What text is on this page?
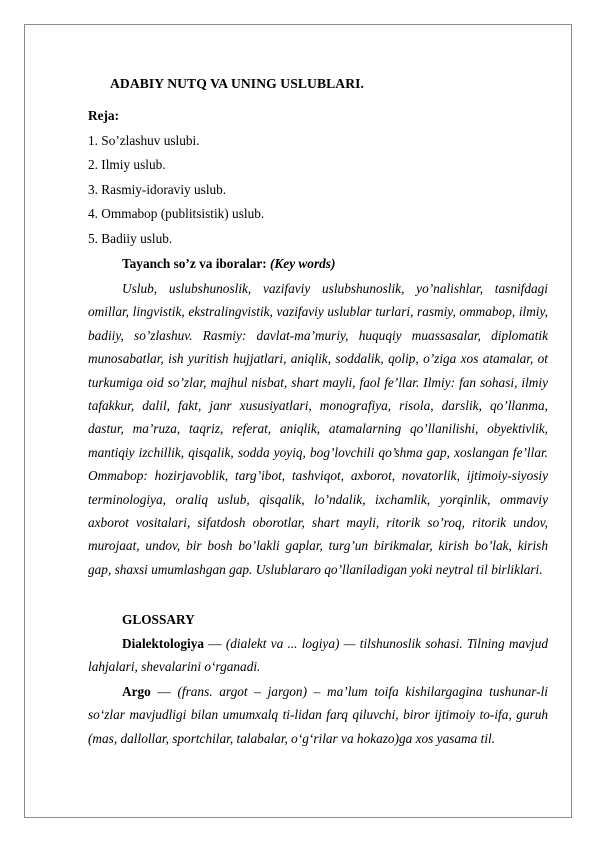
ADABIY NUTQ VA UNING USLUBLARI.
Reja:
1. So’zlashuv uslubi.
2. Ilmiy uslub.
3. Rasmiy-idoraviy uslub.
4. Ommabop (publitsistik) uslub.
5. Badiiy uslub.
Tayanch so’z va iboralar: (Key words)
Uslub, uslubshunoslik, vazifaviy uslubshunoslik, yo’nalishlar, tasnifdagi omillar, lingvistik, ekstralingvistik, vazifaviy uslublar turlari, rasmiy, ommabop, ilmiy, badiiy, so’zlashuv. Rasmiy: davlat-ma’muriy, huquqiy muassasalar, diplomatik munosabatlar, ish yuritish hujjatlari, aniqlik, soddalik, qolip, o’ziga xos atamalar, ot turkumiga oid so’zlar, majhul nisbat, shart mayli, faol fe’llar. Ilmiy: fan sohasi, ilmiy tafakkur, dalil, fakt, janr xususiyatlari, monografiya, risola, darslik, qo’llanma, dastur, ma’ruza, taqriz, referat, aniqlik, atamalarning qo’llanilishi, obyektivlik, mantiqiy izchillik, qisqalik, sodda yoyiq, bog’lovchili qo’shma gap, xoslangan fe’llar. Ommabop: hozirjavoblik, targ’ibot, tashviqot, axborot, novatorlik, ijtimoiy-siyosiy terminologiya, oraliq uslub, qisqalik, lo’ndalik, ixchamlik, yorqinlik, ommaviy axborot vositalari, sifatdosh oborotlar, shart mayli, ritorik so’roq, ritorik undov, murojaat, undov, bir bosh bo’lakli gaplar, turg’un birikmalar, kirish bo’lak, kirish gap, shaxsi umumlashgan gap. Uslublararo qo’llaniladigan yoki neytral til birliklari.
GLOSSARY
Dialektologiya — (dialekt va ... logiya) — tilshunoslik sohasi. Tilning mavjud lahjalari, shevalarini o‘rganadi.
Argo — (frans. argot – jargon) – ma’lum toifa kishilargagina tushunar-li so‘zlar mavjudligi bilan umumxalq ti-lidan farq qiluvchi, biror ijtimoiy to-ifa, guruh (mas, dallollar, sportchilar, talabalar, o‘g‘rilar va hokazo)ga xos yasama til.
